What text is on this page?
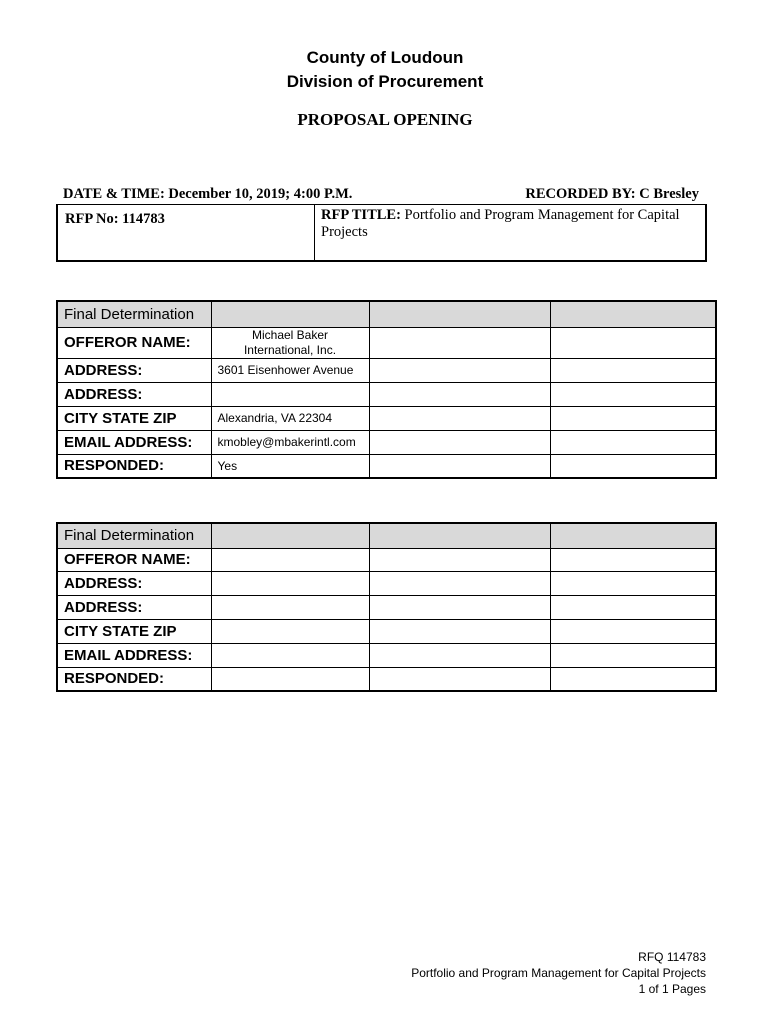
County of Loudoun
Division of Procurement
PROPOSAL OPENING
DATE & TIME: December 10, 2019; 4:00 P.M.	RECORDED BY: C Bresley
RFP No: 114783	RFP TITLE: Portfolio and Program Management for Capital Projects
Final Determination			
OFFEROR NAME:	Michael Baker International, Inc.		
ADDRESS:	3601 Eisenhower Avenue		
ADDRESS:			
CITY STATE ZIP	Alexandria, VA 22304		
EMAIL ADDRESS:	kmobley@mbakerintl.com		
RESPONDED:	Yes		
Final Determination			
OFFEROR NAME:			
ADDRESS:			
ADDRESS:			
CITY STATE ZIP			
EMAIL ADDRESS:			
RESPONDED:			
RFQ 114783
Portfolio and Program Management for Capital Projects
1 of 1 Pages
